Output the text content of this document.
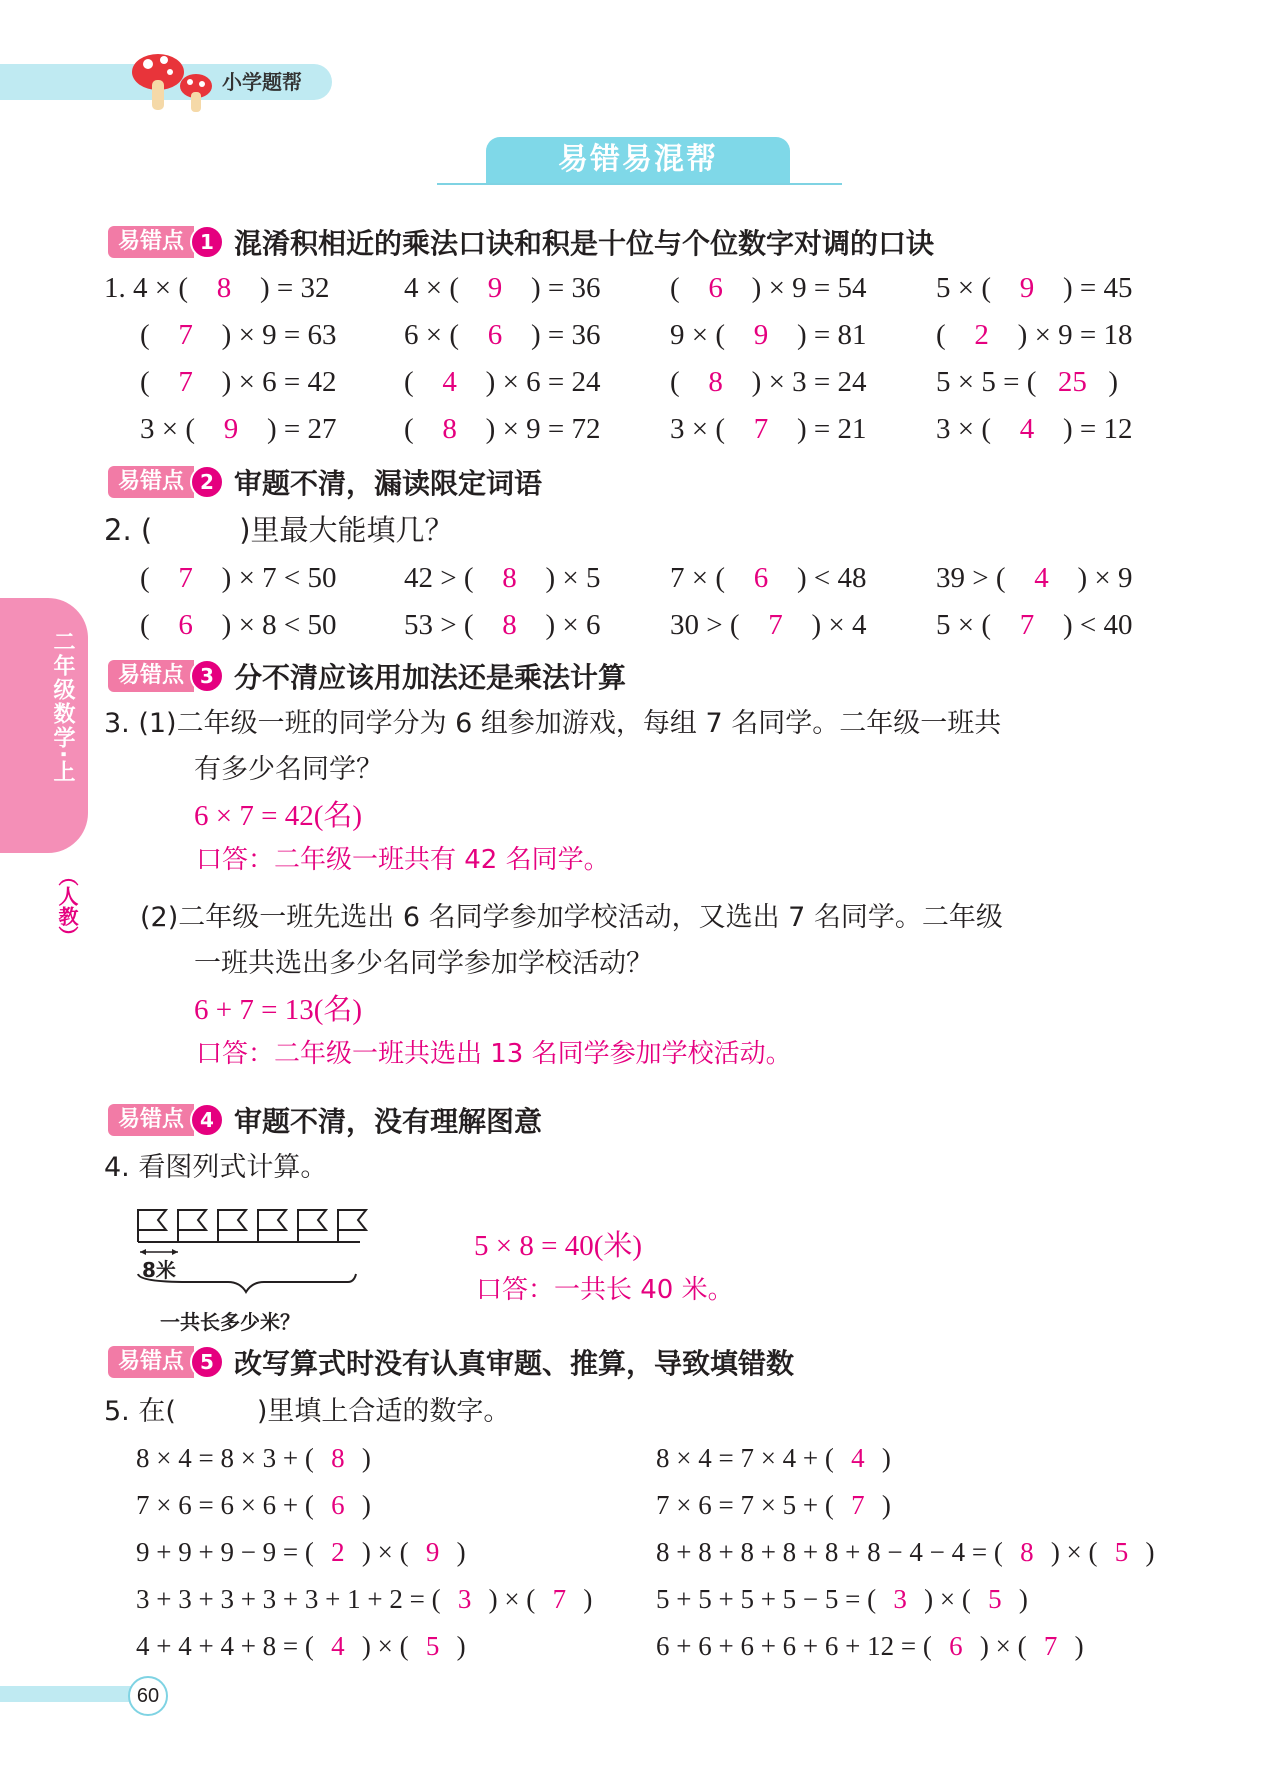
小学题帮
易错易混帮
二年级数学·上
（人教）
易错点 1 混淆积相近的乘法口诀和积是十位与个位数字对调的口诀
1. 4 × ( 8 ) = 32	4 × ( 9 ) = 36 ( 6 ) × 9 = 54 5 × ( 9 ) = 45
( 7 ) × 9 = 63 6 × ( 6 ) = 36 9 × ( 9 ) = 81 ( 2 ) × 9 = 18
( 7 ) × 6 = 42 ( 4 ) × 6 = 24 ( 8 ) × 3 = 24 5 × 5 = ( 25 )
3 × ( 9 ) = 27 ( 8 ) × 9 = 72 3 × ( 7 ) = 21 3 × ( 4 ) = 12
易错点 2 审题不清，漏读限定词语
2. (　　　)里最大能填几？
( 7 ) × 7 < 50 42 > ( 8 ) × 5 7 × ( 6 ) < 48 39 > ( 4 ) × 9
( 6 ) × 8 < 50 53 > ( 8 ) × 6 30 > ( 7 ) × 4 5 × ( 7 ) < 40
易错点 3 分不清应该用加法还是乘法计算
3. (1)二年级一班的同学分为 6 组参加游戏，每组 7 名同学。二年级一班共
有多少名同学？
6 × 7 = 42(名)
口答：二年级一班共有 42 名同学。
(2)二年级一班先选出 6 名同学参加学校活动，又选出 7 名同学。二年级
一班共选出多少名同学参加学校活动？
6 + 7 = 13(名)
口答：二年级一班共选出 13 名同学参加学校活动。
易错点 4 审题不清，没有理解图意
4. 看图列式计算。
8米
一共长多少米？
5 × 8 = 40(米)
口答：一共长 40 米。
易错点 5 改写算式时没有认真审题、推算，导致填错数
5. 在(　　　)里填上合适的数字。
8 × 4 = 8 × 3 + ( 8 )
7 × 6 = 6 × 6 + ( 6 )
9 + 9 + 9 − 9 = ( 2 ) × ( 9 )
3 + 3 + 3 + 3 + 3 + 1 + 2 = ( 3 ) × ( 7 )
4 + 4 + 4 + 8 = ( 4 ) × ( 5 )
8 × 4 = 7 × 4 + ( 4 )
7 × 6 = 7 × 5 + ( 7 )
8 + 8 + 8 + 8 + 8 + 8 − 4 − 4 = ( 8 ) × ( 5 )
5 + 5 + 5 + 5 − 5 = ( 3 ) × ( 5 )
6 + 6 + 6 + 6 + 6 + 12 = ( 6 ) × ( 7 )
60
